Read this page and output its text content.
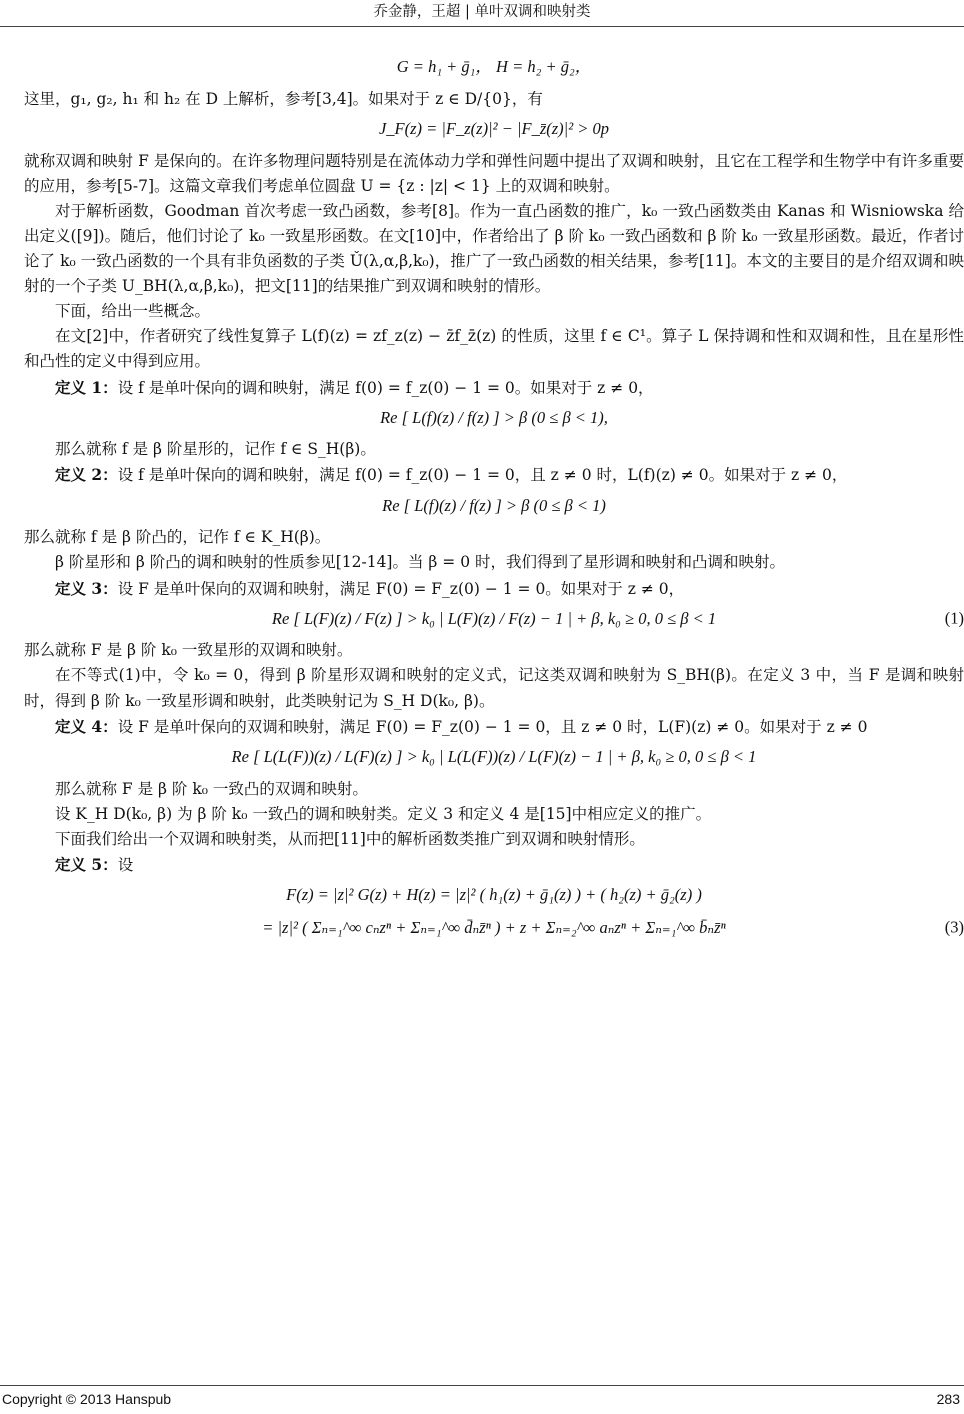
乔金静，王超 | 单叶双调和映射类
G = h₁ + ḡ₁， H = h₂ + ḡ₂，

这里，g₁, g₂, h₁ 和 h₂ 在 D 上解析，参考[3,4]。如果对于 z ∈ D/{0}，有

J_F(z) = |F_z(z)|² − |F_z̄(z)|² > 0p

就称双调和映射 F 是保向的。在许多物理问题特别是在流体动力学和弹性问题中提出了双调和映射，且它在工程学和生物学中有许多重要的应用，参考[5-7]。这篇文章我们考虑单位圆盘 U = {z : |z| < 1} 上的双调和映射。

对于解析函数，Goodman 首次考虑一致凸函数，参考[8]。作为一直凸函数的推广，k₀ 一致凸函数类由 Kanas 和 Wisniowska 给出定义([9])。随后，他们讨论了 k₀ 一致星形函数。在文[10]中，作者给出了 β 阶 k₀ 一致凸函数和 β 阶 k₀ 一致星形函数。最近，作者讨论了 k₀ 一致凸函数的一个具有非负函数的子类 Ǔ(λ,α,β,k₀)，推广了一致凸函数的相关结果，参考[11]。本文的主要目的是介绍双调和映射的一个子类 U_BH(λ,α,β,k₀)，把文[11]的结果推广到双调和映射的情形。

下面，给出一些概念。

在文[2]中，作者研究了线性复算子 L(f)(z) = zf_z(z) − z̄f_z̄(z) 的性质，这里 f ∈ C¹。算子 L 保持调和性和双调和性，且在星形性和凸性的定义中得到应用。

定义 1：设 f 是单叶保向的调和映射，满足 f(0) = f_z(0) − 1 = 0。如果对于 z ≠ 0，

Re [ L(f)(z) / f(z) ] > β (0 ≤ β < 1),

那么就称 f 是 β 阶星形的，记作 f ∈ S_H(β)。

定义 2：设 f 是单叶保向的调和映射，满足 f(0) = f_z(0) − 1 = 0，且 z ≠ 0 时，L(f)(z) ≠ 0。如果对于 z ≠ 0，

Re [ L(f)(z) / f(z) ] > β (0 ≤ β < 1)

那么就称 f 是 β 阶凸的，记作 f ∈ K_H(β)。

β 阶星形和 β 阶凸的调和映射的性质参见[12-14]。当 β = 0 时，我们得到了星形调和映射和凸调和映射。

定义 3：设 F 是单叶保向的双调和映射，满足 F(0) = F_z(0) − 1 = 0。如果对于 z ≠ 0，

Re [ L(F)(z) / F(z) ] > k₀ | L(F)(z) / F(z) − 1 | + β, k₀ ≥ 0, 0 ≤ β < 1	(1)

那么就称 F 是 β 阶 k₀ 一致星形的双调和映射。

在不等式(1)中，令 k₀ = 0，得到 β 阶星形双调和映射的定义式，记这类双调和映射为 S_BH(β)。在定义 3 中，当 F 是调和映射时，得到 β 阶 k₀ 一致星形调和映射，此类映射记为 S_H D(k₀, β)。

定义 4：设 F 是单叶保向的双调和映射，满足 F(0) = F_z(0) − 1 = 0，且 z ≠ 0 时，L(F)(z) ≠ 0。如果对于 z ≠ 0

Re [ L(L(F))(z) / L(F)(z) ] > k₀ | L(L(F))(z) / L(F)(z) − 1 | + β, k₀ ≥ 0, 0 ≤ β < 1

那么就称 F 是 β 阶 k₀ 一致凸的双调和映射。

设 K_H D(k₀, β) 为 β 阶 k₀ 一致凸的调和映射类。定义 3 和定义 4 是[15]中相应定义的推广。

下面我们给出一个双调和映射类，从而把[11]中的解析函数类推广到双调和映射情形。

定义 5：设

F(z) = |z|² G(z) + H(z) = |z|² ( h₁(z) + ḡ₁(z) ) + ( h₂(z) + ḡ₂(z) )
= |z|² ( Σₙ₌₁^∞ cₙzⁿ + Σₙ₌₁^∞ d̄ₙz̄ⁿ ) + z + Σₙ₌₂^∞ aₙzⁿ + Σₙ₌₁^∞ b̄ₙz̄ⁿ	(3)
Copyright © 2013 Hanspub	283
